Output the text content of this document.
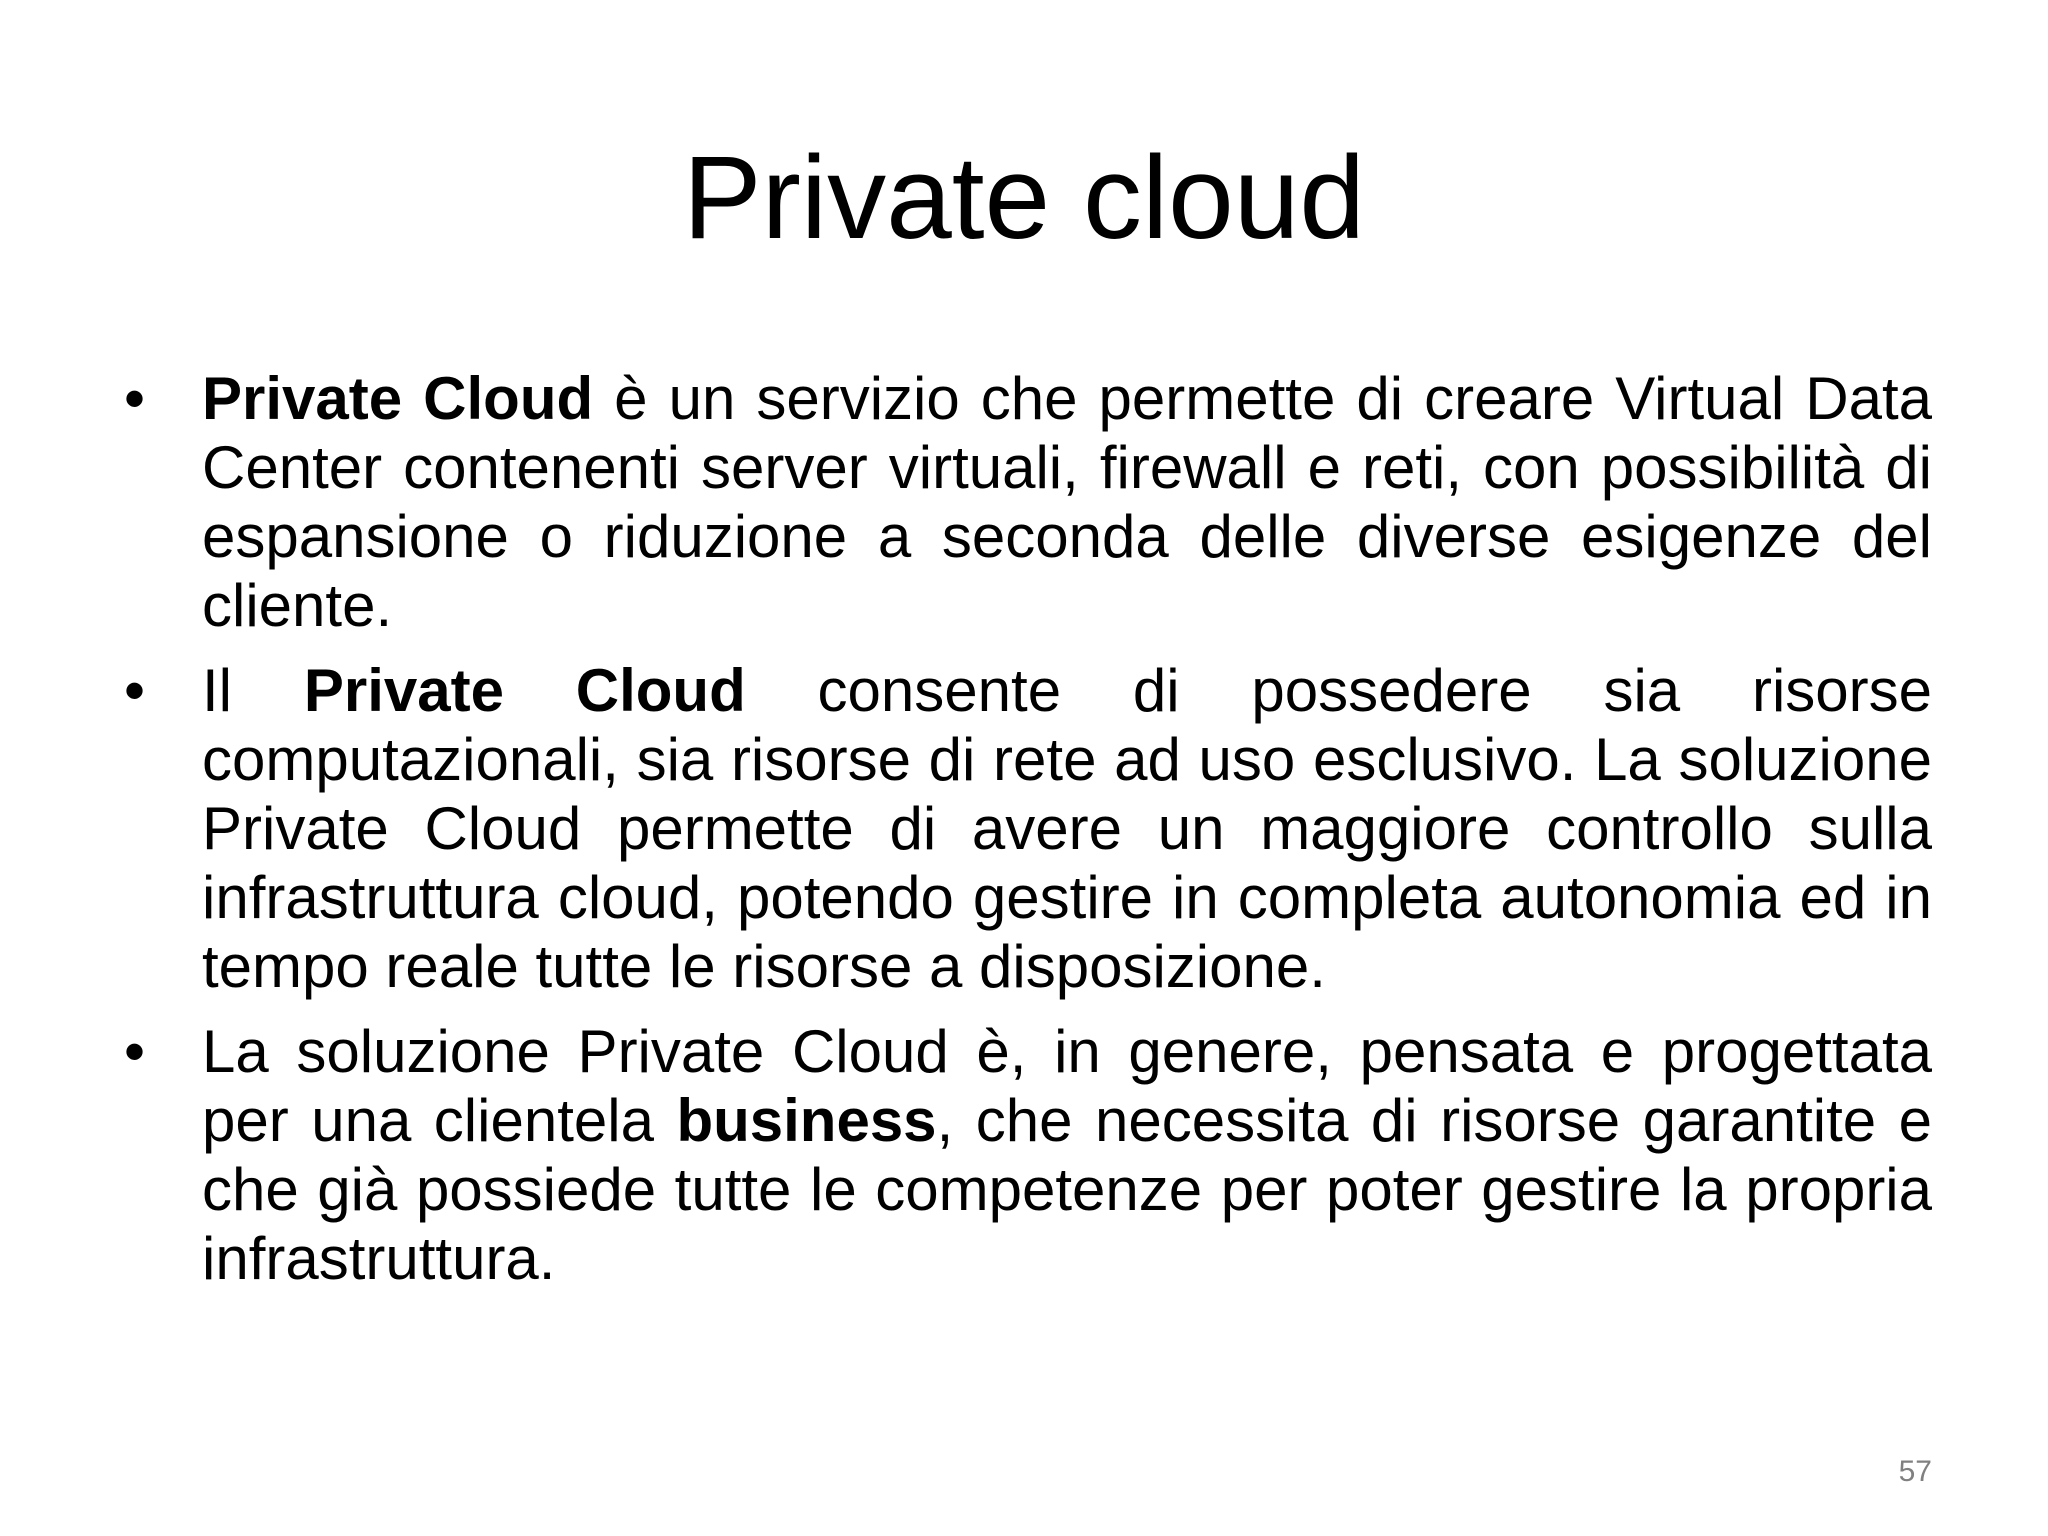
Private cloud
• Private Cloud è un servizio che permette di creare Virtual Data Center contenenti server virtuali, firewall e reti, con possibilità di espansione o riduzione a seconda delle diverse esigenze del cliente.
• Il Private Cloud consente di possedere sia risorse computazionali, sia risorse di rete ad uso esclusivo. La soluzione Private Cloud permette di avere un maggiore controllo sulla infrastruttura cloud, potendo gestire in completa autonomia ed in tempo reale tutte le risorse a disposizione.
• La soluzione Private Cloud è, in genere, pensata e progettata per una clientela business, che necessita di risorse garantite e che già possiede tutte le competenze per poter gestire la propria infrastruttura.
57
